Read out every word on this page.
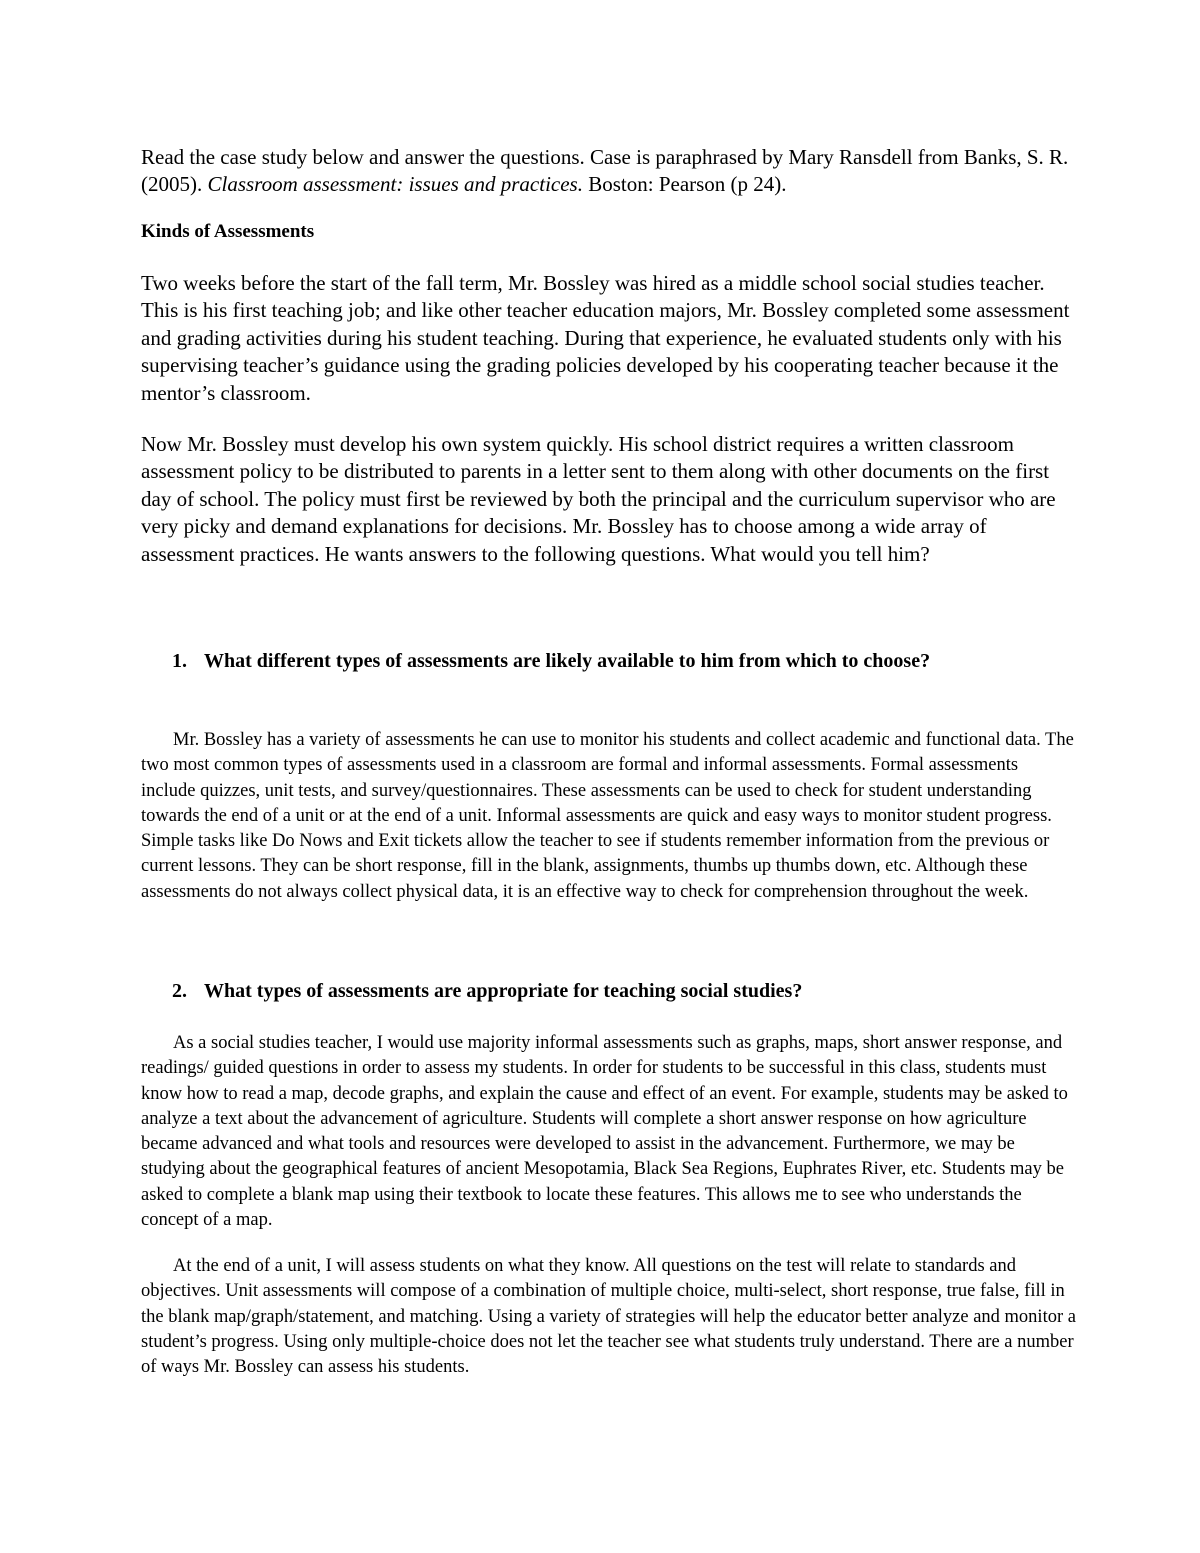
Read the case study below and answer the questions. Case is paraphrased by Mary Ransdell from Banks, S. R. (2005). Classroom assessment: issues and practices. Boston: Pearson (p 24).

Kinds of Assessments

Two weeks before the start of the fall term, Mr. Bossley was hired as a middle school social studies teacher. This is his first teaching job; and like other teacher education majors, Mr. Bossley completed some assessment and grading activities during his student teaching. During that experience, he evaluated students only with his supervising teacher’s guidance using the grading policies developed by his cooperating teacher because it the mentor’s classroom.

Now Mr. Bossley must develop his own system quickly. His school district requires a written classroom assessment policy to be distributed to parents in a letter sent to them along with other documents on the first day of school. The policy must first be reviewed by both the principal and the curriculum supervisor who are very picky and demand explanations for decisions. Mr. Bossley has to choose among a wide array of assessment practices. He wants answers to the following questions. What would you tell him?

1. What different types of assessments are likely available to him from which to choose?

Mr. Bossley has a variety of assessments he can use to monitor his students and collect academic and functional data. The two most common types of assessments used in a classroom are formal and informal assessments. Formal assessments include quizzes, unit tests, and survey/questionnaires. These assessments can be used to check for student understanding towards the end of a unit or at the end of a unit. Informal assessments are quick and easy ways to monitor student progress. Simple tasks like Do Nows and Exit tickets allow the teacher to see if students remember information from the previous or current lessons. They can be short response, fill in the blank, assignments, thumbs up thumbs down, etc. Although these assessments do not always collect physical data, it is an effective way to check for comprehension throughout the week.

2. What types of assessments are appropriate for teaching social studies?

As a social studies teacher, I would use majority informal assessments such as graphs, maps, short answer response, and readings/ guided questions in order to assess my students. In order for students to be successful in this class, students must know how to read a map, decode graphs, and explain the cause and effect of an event. For example, students may be asked to analyze a text about the advancement of agriculture. Students will complete a short answer response on how agriculture became advanced and what tools and resources were developed to assist in the advancement. Furthermore, we may be studying about the geographical features of ancient Mesopotamia, Black Sea Regions, Euphrates River, etc. Students may be asked to complete a blank map using their textbook to locate these features. This allows me to see who understands the concept of a map.

At the end of a unit, I will assess students on what they know. All questions on the test will relate to standards and objectives. Unit assessments will compose of a combination of multiple choice, multi-select, short response, true false, fill in the blank map/graph/statement, and matching. Using a variety of strategies will help the educator better analyze and monitor a student’s progress. Using only multiple-choice does not let the teacher see what students truly understand. There are a number of ways Mr. Bossley can assess his students.
